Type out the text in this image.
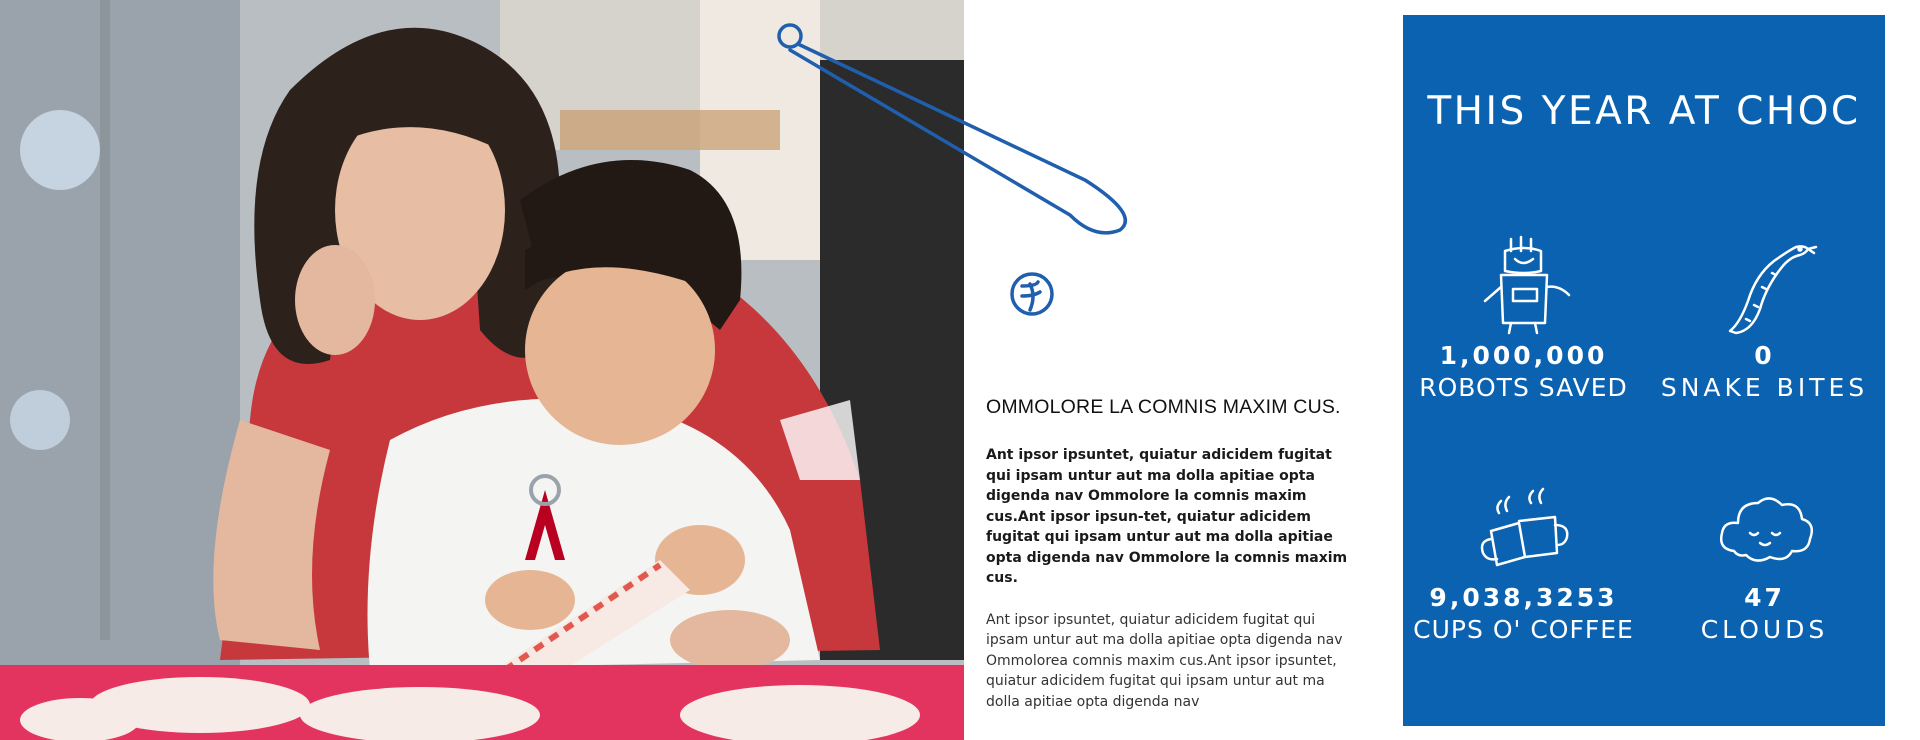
OMMOLORE LA COMNIS MAXIM CUS.

Ant ipsor ipsuntet, quiatur adicidem fugitat qui ipsam untur aut ma dolla apitiae opta digenda nav Ommolore la comnis maxim cus.Ant ipsor ipsun-tet, quiatur adicidem fugitat qui ipsam untur aut ma dolla apitiae opta digenda nav Ommolore la comnis maxim cus.

Ant ipsor ipsuntet, quiatur adicidem fugitat qui ipsam untur aut ma dolla apitiae opta digenda nav Ommolorea comnis maxim cus.Ant ipsor ipsuntet, quiatur adicidem fugitat qui ipsam untur aut ma dolla apitiae opta digenda nav

THIS YEAR AT CHOC
1,000,000
ROBOTS SAVED
0
SNAKE BITES
9,038,3253
CUPS O' COFFEE
47
CLOUDS
